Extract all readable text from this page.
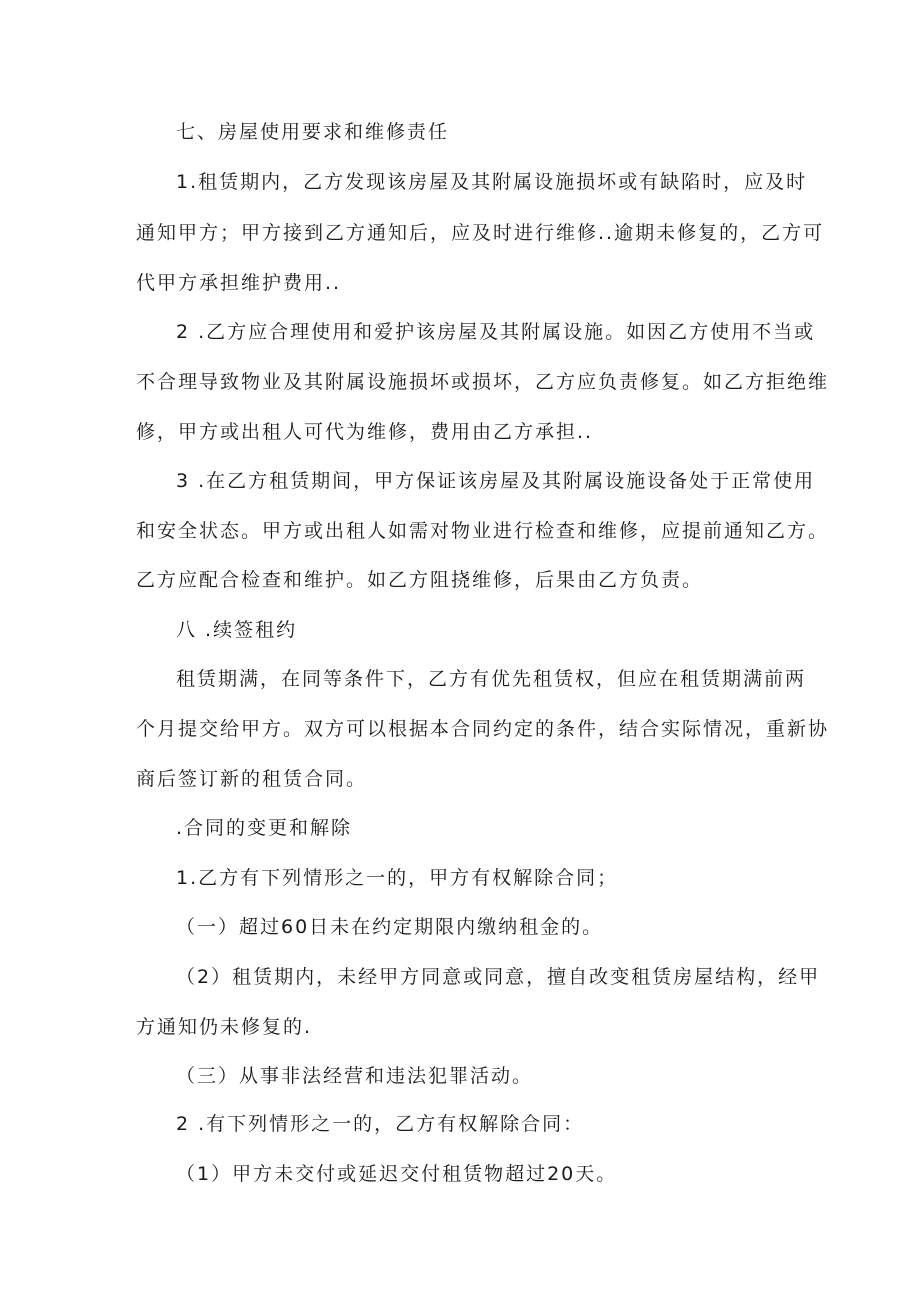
七、房屋使用要求和维修责任
1.租赁期内，乙方发现该房屋及其附属设施损坏或有缺陷时，应及时
通知甲方；甲方接到乙方通知后，应及时进行维修..逾期未修复的，乙方可
代甲方承担维护费用..
2 .乙方应合理使用和爱护该房屋及其附属设施。如因乙方使用不当或
不合理导致物业及其附属设施损坏或损坏，乙方应负责修复。如乙方拒绝维
修，甲方或出租人可代为维修，费用由乙方承担..
3 .在乙方租赁期间，甲方保证该房屋及其附属设施设备处于正常使用
和安全状态。甲方或出租人如需对物业进行检查和维修，应提前通知乙方。
乙方应配合检查和维护。如乙方阻挠维修，后果由乙方负责。
八 .续签租约
租赁期满，在同等条件下，乙方有优先租赁权，但应在租赁期满前两
个月提交给甲方。双方可以根据本合同约定的条件，结合实际情况，重新协
商后签订新的租赁合同。
.合同的变更和解除
1.乙方有下列情形之一的，甲方有权解除合同；
（一）超过60日未在约定期限内缴纳租金的。
（2）租赁期内，未经甲方同意或同意，擅自改变租赁房屋结构，经甲
方通知仍未修复的.
（三）从事非法经营和违法犯罪活动。
2 .有下列情形之一的，乙方有权解除合同：
（1）甲方未交付或延迟交付租赁物超过20天。
